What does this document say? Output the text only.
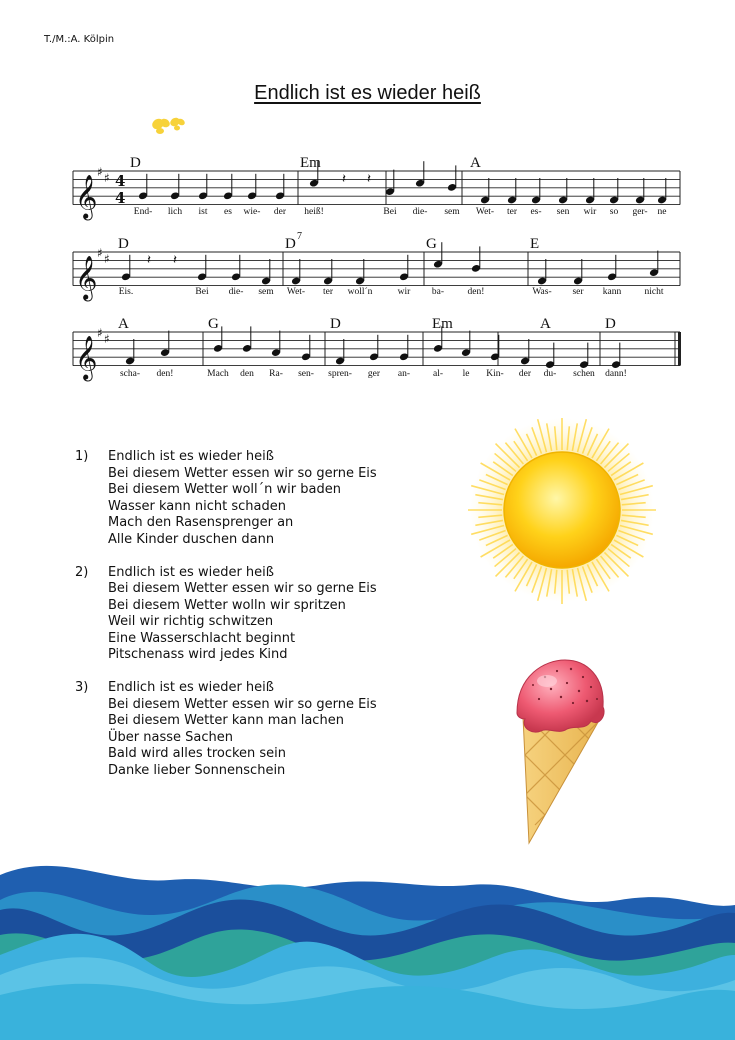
T./M.:A. Kölpin
Endlich ist es wieder heiß
𝄞
♯ ♯ 4
4
𝄽 𝄽
D	Em	A
End- lich ist es wie- der heiß!	Bei die- sem Wet- ter es- sen wir so ger- ne
𝄞
♯ ♯	𝄽 𝄽
D	D 7	G	E
Eis.	Bei die- sem Wet- ter woll´n	wir ba- den!	Was- ser kann nicht
𝄞
♯ ♯
A	G	D	Em	A	D
scha- den!	Mach den Ra- sen- spren- ger an- al- le Kin- der du- schen dann!
1)	Endlich ist es wieder heiß
Bei diesem Wetter essen wir so gerne Eis
Bei diesem Wetter woll´n wir baden
Wasser kann nicht schaden
Mach den Rasensprenger an
Alle Kinder duschen dann
2)	Endlich ist es wieder heiß
Bei diesem Wetter essen wir so gerne Eis
Bei diesem Wetter wolln wir spritzen
Weil wir richtig schwitzen
Eine Wasserschlacht beginnt
Pitschenass wird jedes Kind
3)	Endlich ist es wieder heiß
Bei diesem Wetter essen wir so gerne Eis
Bei diesem Wetter kann man lachen
Über nasse Sachen
Bald wird alles trocken sein
Danke lieber Sonnenschein
